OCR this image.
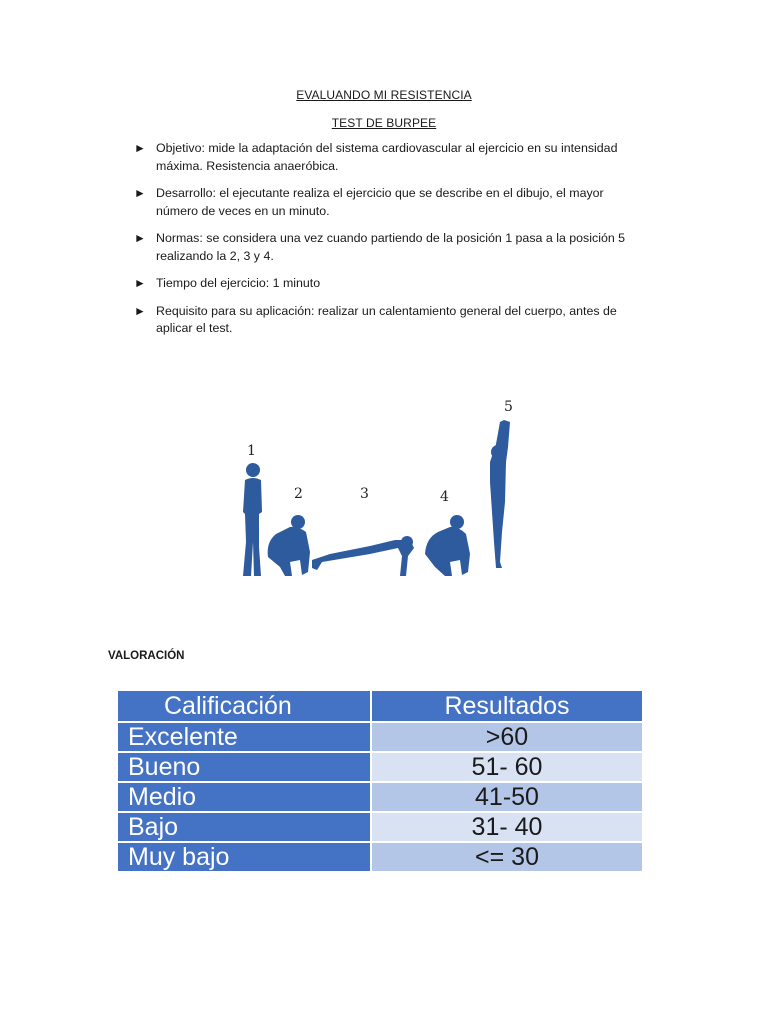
EVALUANDO MI RESISTENCIA
TEST DE BURPEE
► Objetivo: mide la adaptación del sistema cardiovascular al ejercicio en su intensidad máxima. Resistencia anaeróbica.
► Desarrollo: el ejecutante realiza el ejercicio que se describe en el dibujo, el mayor número de veces en un minuto.
► Normas: se considera una vez cuando partiendo de la posición 1 pasa a la posición 5 realizando la 2, 3 y 4.
► Tiempo del ejercicio: 1 minuto
► Requisito para su aplicación: realizar un calentamiento general del cuerpo, antes de aplicar el test.
1
2	3	4
5
VALORACIÓN
Calificación	Resultados
Excelente	>60
Bueno	51- 60
Medio	41-50
Bajo	31- 40
Muy bajo	<= 30
